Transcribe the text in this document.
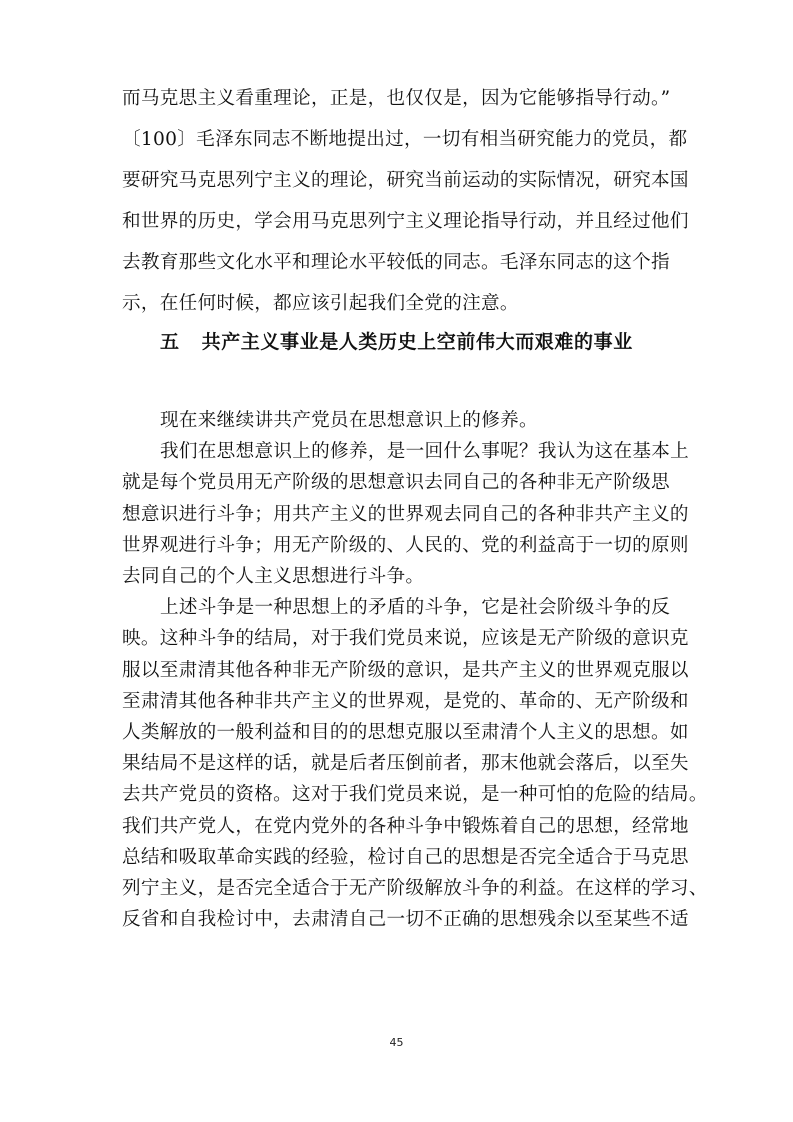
而马克思主义看重理论，正是，也仅仅是，因为它能够指导行动。”
〔100〕毛泽东同志不断地提出过，一切有相当研究能力的党员，都
要研究马克思列宁主义的理论，研究当前运动的实际情况，研究本国
和世界的历史，学会用马克思列宁主义理论指导行动，并且经过他们
去教育那些文化水平和理论水平较低的同志。毛泽东同志的这个指
示，在任何时候，都应该引起我们全党的注意。
五 共产主义事业是人类历史上空前伟大而艰难的事业
现在来继续讲共产党员在思想意识上的修养。
我们在思想意识上的修养，是一回什么事呢？我认为这在基本上
就是每个党员用无产阶级的思想意识去同自己的各种非无产阶级思
想意识进行斗争；用共产主义的世界观去同自己的各种非共产主义的
世界观进行斗争；用无产阶级的、人民的、党的利益高于一切的原则
去同自己的个人主义思想进行斗争。
上述斗争是一种思想上的矛盾的斗争，它是社会阶级斗争的反
映。这种斗争的结局，对于我们党员来说，应该是无产阶级的意识克
服以至肃清其他各种非无产阶级的意识，是共产主义的世界观克服以
至肃清其他各种非共产主义的世界观，是党的、革命的、无产阶级和
人类解放的一般利益和目的的思想克服以至肃清个人主义的思想。如
果结局不是这样的话，就是后者压倒前者，那末他就会落后，以至失
去共产党员的资格。这对于我们党员来说，是一种可怕的危险的结局。
我们共产党人，在党内党外的各种斗争中锻炼着自己的思想，经常地
总结和吸取革命实践的经验，检讨自己的思想是否完全适合于马克思
列宁主义，是否完全适合于无产阶级解放斗争的利益。在这样的学习、
反省和自我检讨中，去肃清自己一切不正确的思想残余以至某些不适
45
